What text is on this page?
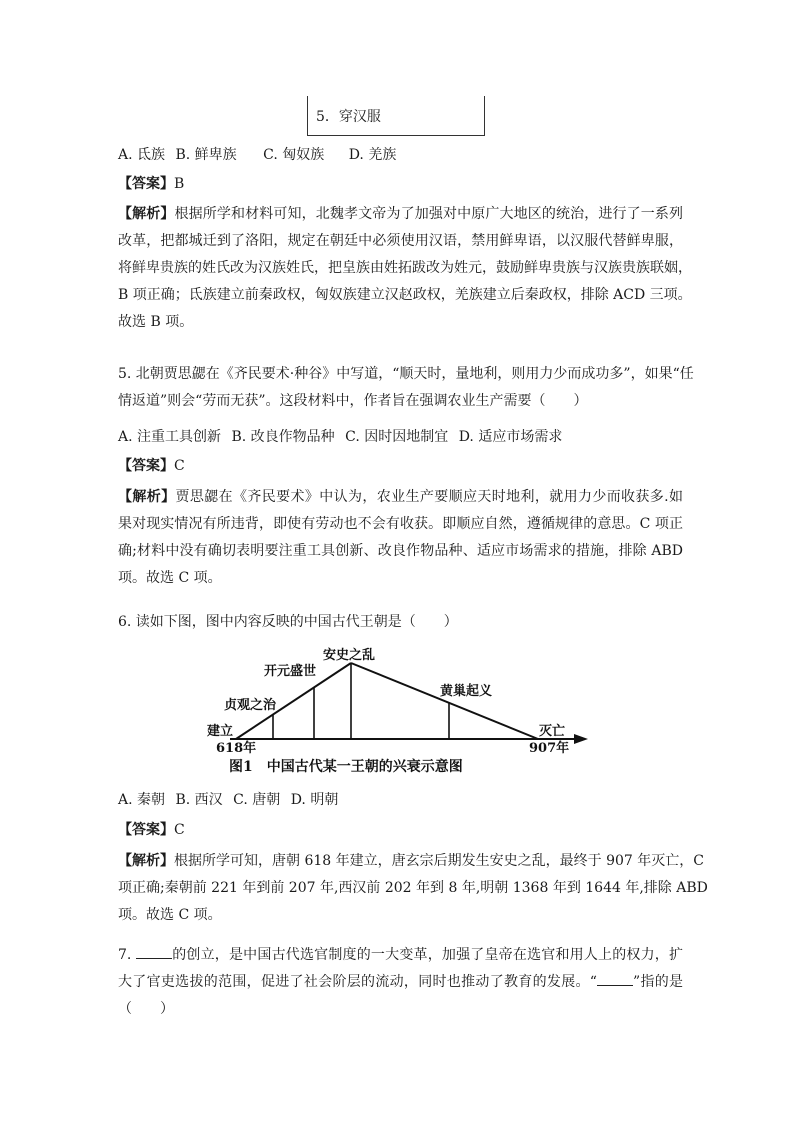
5．穿汉服
A. 氐族 B. 鲜卑族 C. 匈奴族 D. 羌族
【答案】B
【解析】根据所学和材料可知，北魏孝文帝为了加强对中原广大地区的统治，进行了一系列
改革，把都城迁到了洛阳，规定在朝廷中必须使用汉语，禁用鲜卑语，以汉服代替鲜卑服，
将鲜卑贵族的姓氏改为汉族姓氏，把皇族由姓拓跋改为姓元，鼓励鲜卑贵族与汉族贵族联姻，
B 项正确；氐族建立前秦政权，匈奴族建立汉赵政权，羌族建立后秦政权，排除 ACD 三项。
故选 B 项。
5. 北朝贾思勰在《齐民要术·种谷》中写道，“顺天时，量地利，则用力少而成功多”，如果“任
情返道”则会“劳而无获”。这段材料中，作者旨在强调农业生产需要（　　）
A. 注重工具创新 B. 改良作物品种 C. 因时因地制宜 D. 适应市场需求
【答案】C
【解析】贾思勰在《齐民要术》中认为，农业生产要顺应天时地利，就用力少而收获多.如
果对现实情况有所违背，即使有劳动也不会有收获。即顺应自然，遵循规律的意思。C 项正
确;材料中没有确切表明要注重工具创新、改良作物品种、适应市场需求的措施，排除 ABD
项。故选 C 项。
6. 读如下图，图中内容反映的中国古代王朝是（　　）
建立
618年
贞观之治
开元盛世
安史之乱
黄巢起义
灭亡
907年
图1　中国古代某一王朝的兴衰示意图
A. 秦朝 B. 西汉 C. 唐朝 D. 明朝
【答案】C
【解析】根据所学可知，唐朝 618 年建立，唐玄宗后期发生安史之乱，最终于 907 年灭亡，C
项正确;秦朝前 221 年到前 207 年,西汉前 202 年到 8 年,明朝 1368 年到 1644 年,排除 ABD
项。故选 C 项。
7.	的创立，是中国古代选官制度的一大变革，加强了皇帝在选官和用人上的权力，扩
大了官吏选拔的范围，促进了社会阶层的流动，同时也推动了教育的发展。“	”指的是
（　　）
